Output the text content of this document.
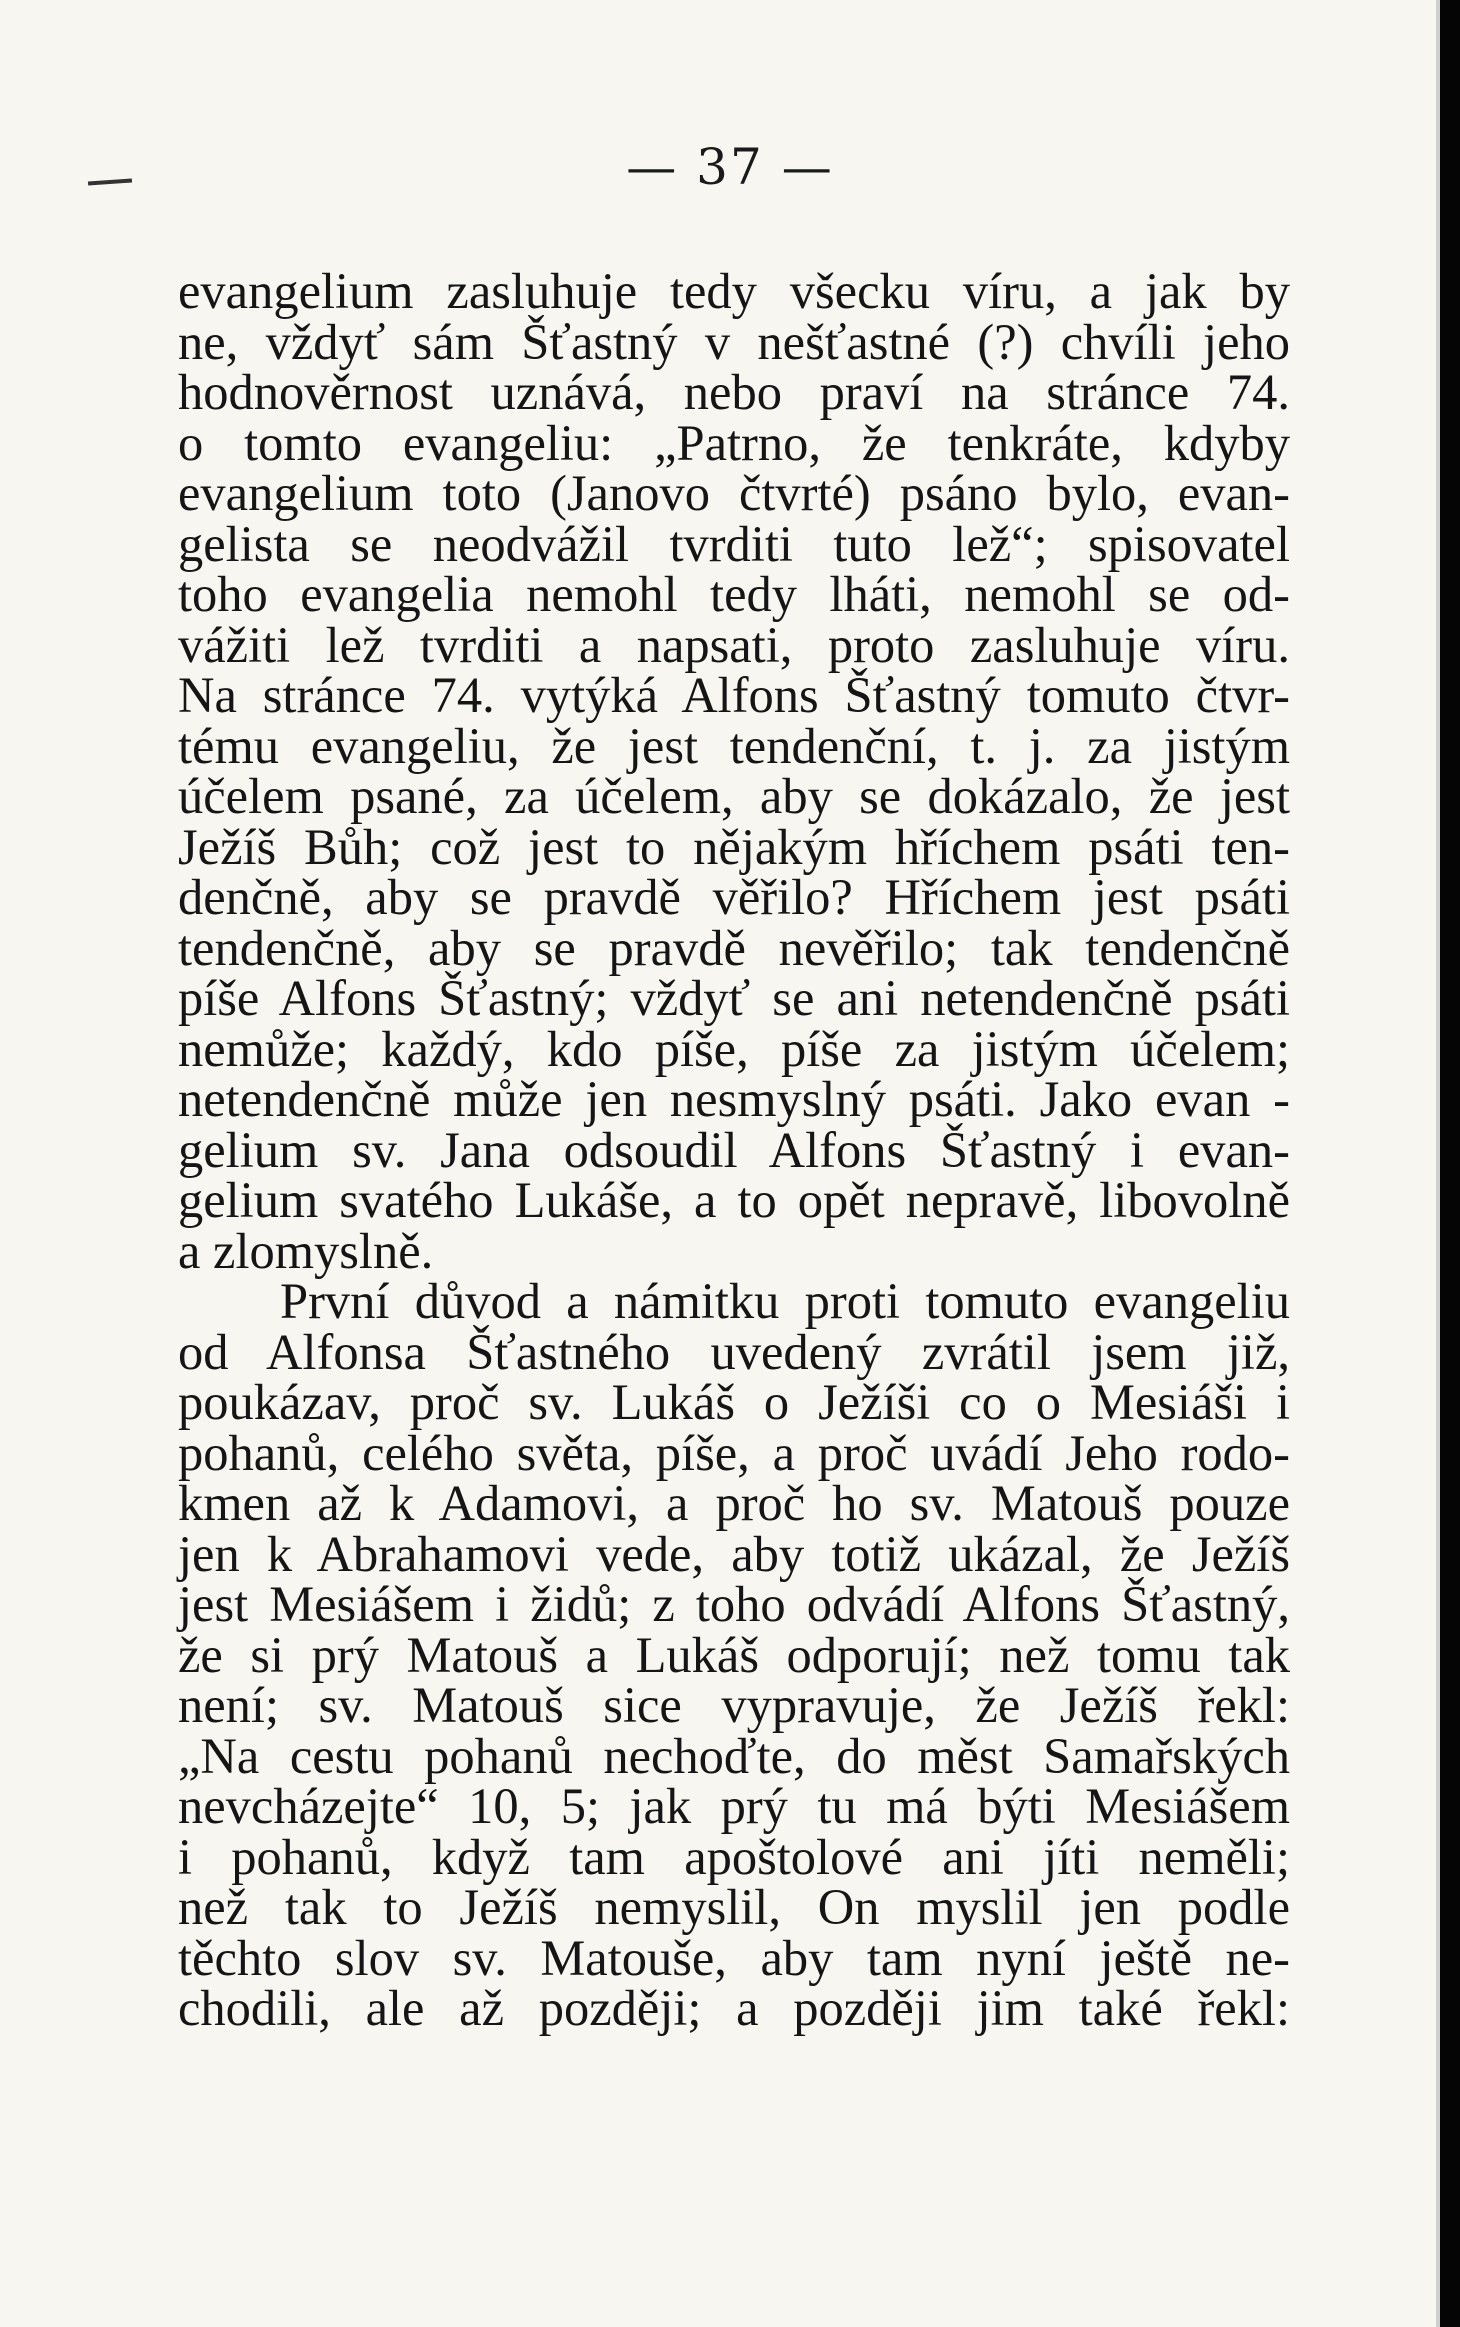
— 37 —
evangelium zasluhuje tedy všecku víru, a jak by
ne, vždyť sám Šťastný v nešťastné (?) chvíli jeho
hodnověrnost uznává, nebo praví na stránce 74.
o tomto evangeliu: „Patrno, že tenkráte, kdyby
evangelium toto (Janovo čtvrté) psáno bylo, evan-
gelista se neodvážil tvrditi tuto lež“; spisovatel
toho evangelia nemohl tedy lháti, nemohl se od-
vážiti lež tvrditi a napsati, proto zasluhuje víru.
Na stránce 74. vytýká Alfons Šťastný tomuto čtvr-
tému evangeliu, že jest tendenční, t. j. za jistým
účelem psané, za účelem, aby se dokázalo, že jest
Ježíš Bůh; což jest to nějakým hříchem psáti ten-
denčně, aby se pravdě věřilo? Hříchem jest psáti
tendenčně, aby se pravdě nevěřilo; tak tendenčně
píše Alfons Šťastný; vždyť se ani netendenčně psáti
nemůže; každý, kdo píše, píše za jistým účelem;
netendenčně může jen nesmyslný psáti. Jako evan -
gelium sv. Jana odsoudil Alfons Šťastný i evan-
gelium svatého Lukáše, a to opět nepravě, libovolně
a zlomyslně.
První důvod a námitku proti tomuto evangeliu
od Alfonsa Šťastného uvedený zvrátil jsem již,
poukázav, proč sv. Lukáš o Ježíši co o Mesiáši i
pohanů, celého světa, píše, a proč uvádí Jeho rodo-
kmen až k Adamovi, a proč ho sv. Matouš pouze
jen k Abrahamovi vede, aby totiž ukázal, že Ježíš
jest Mesiášem i židů; z toho odvádí Alfons Šťastný,
že si prý Matouš a Lukáš odporují; než tomu tak
není; sv. Matouš sice vypravuje, že Ježíš řekl:
„Na cestu pohanů nechoďte, do měst Samařských
nevcházejte“ 10, 5; jak prý tu má býti Mesiášem
i pohanů, když tam apoštolové ani jíti neměli;
než tak to Ježíš nemyslil, On myslil jen podle
těchto slov sv. Matouše, aby tam nyní ještě ne-
chodili, ale až později; a později jim také řekl:
